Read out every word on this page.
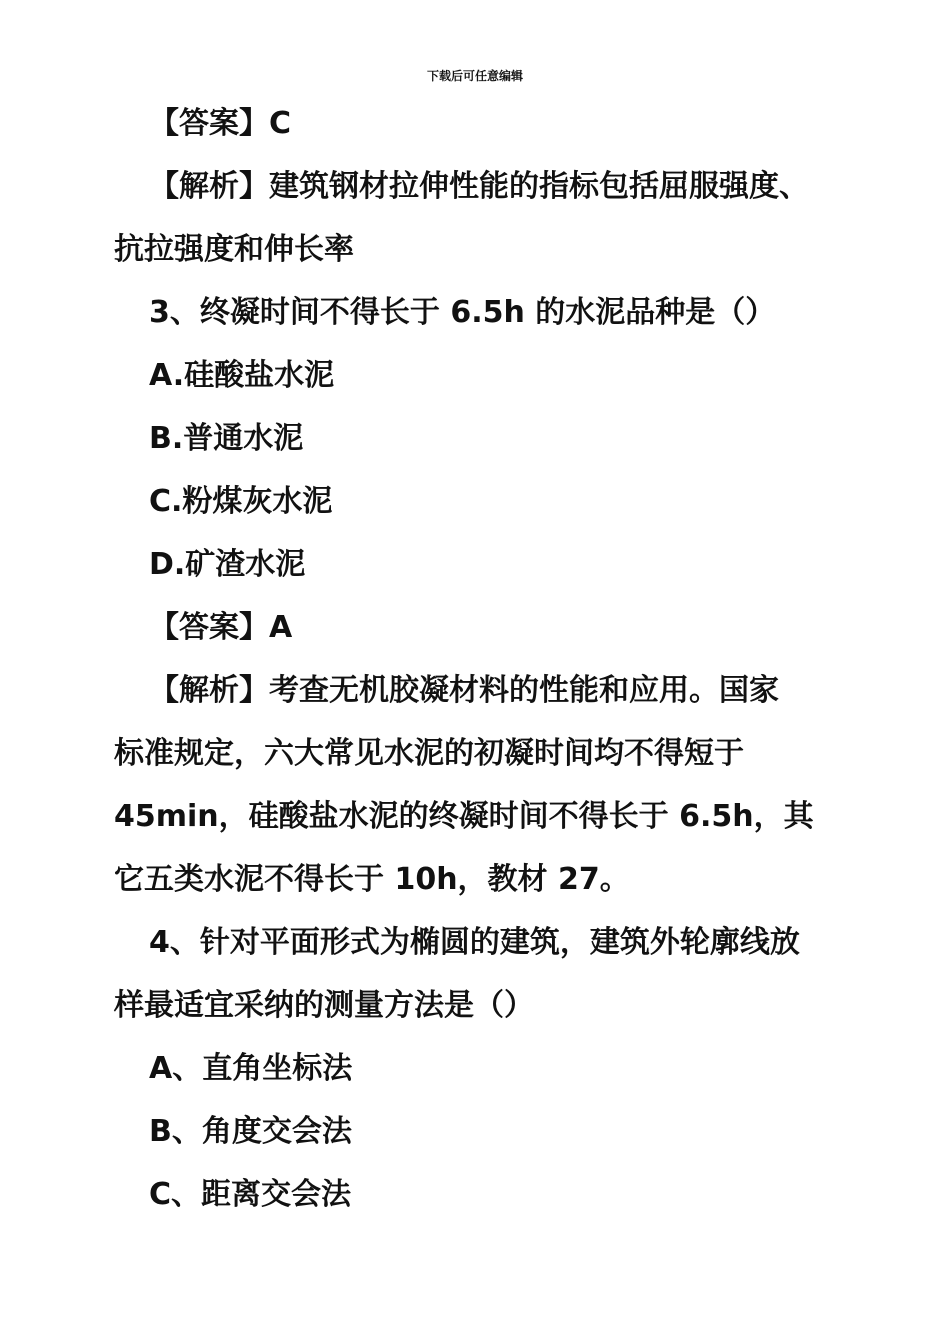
下载后可任意编辑
【答案】C
【解析】建筑钢材拉伸性能的指标包括屈服强度、
抗拉强度和伸长率
3、终凝时间不得长于 6.5h 的水泥品种是（）
A.硅酸盐水泥
B.普通水泥
C.粉煤灰水泥
D.矿渣水泥
【答案】A
【解析】考查无机胶凝材料的性能和应用。国家
标准规定，六大常见水泥的初凝时间均不得短于
45min，硅酸盐水泥的终凝时间不得长于 6.5h，其
它五类水泥不得长于 10h，教材 27。
4、针对平面形式为椭圆的建筑，建筑外轮廓线放
样最适宜采纳的测量方法是（）
A、直角坐标法
B、角度交会法
C、距离交会法
